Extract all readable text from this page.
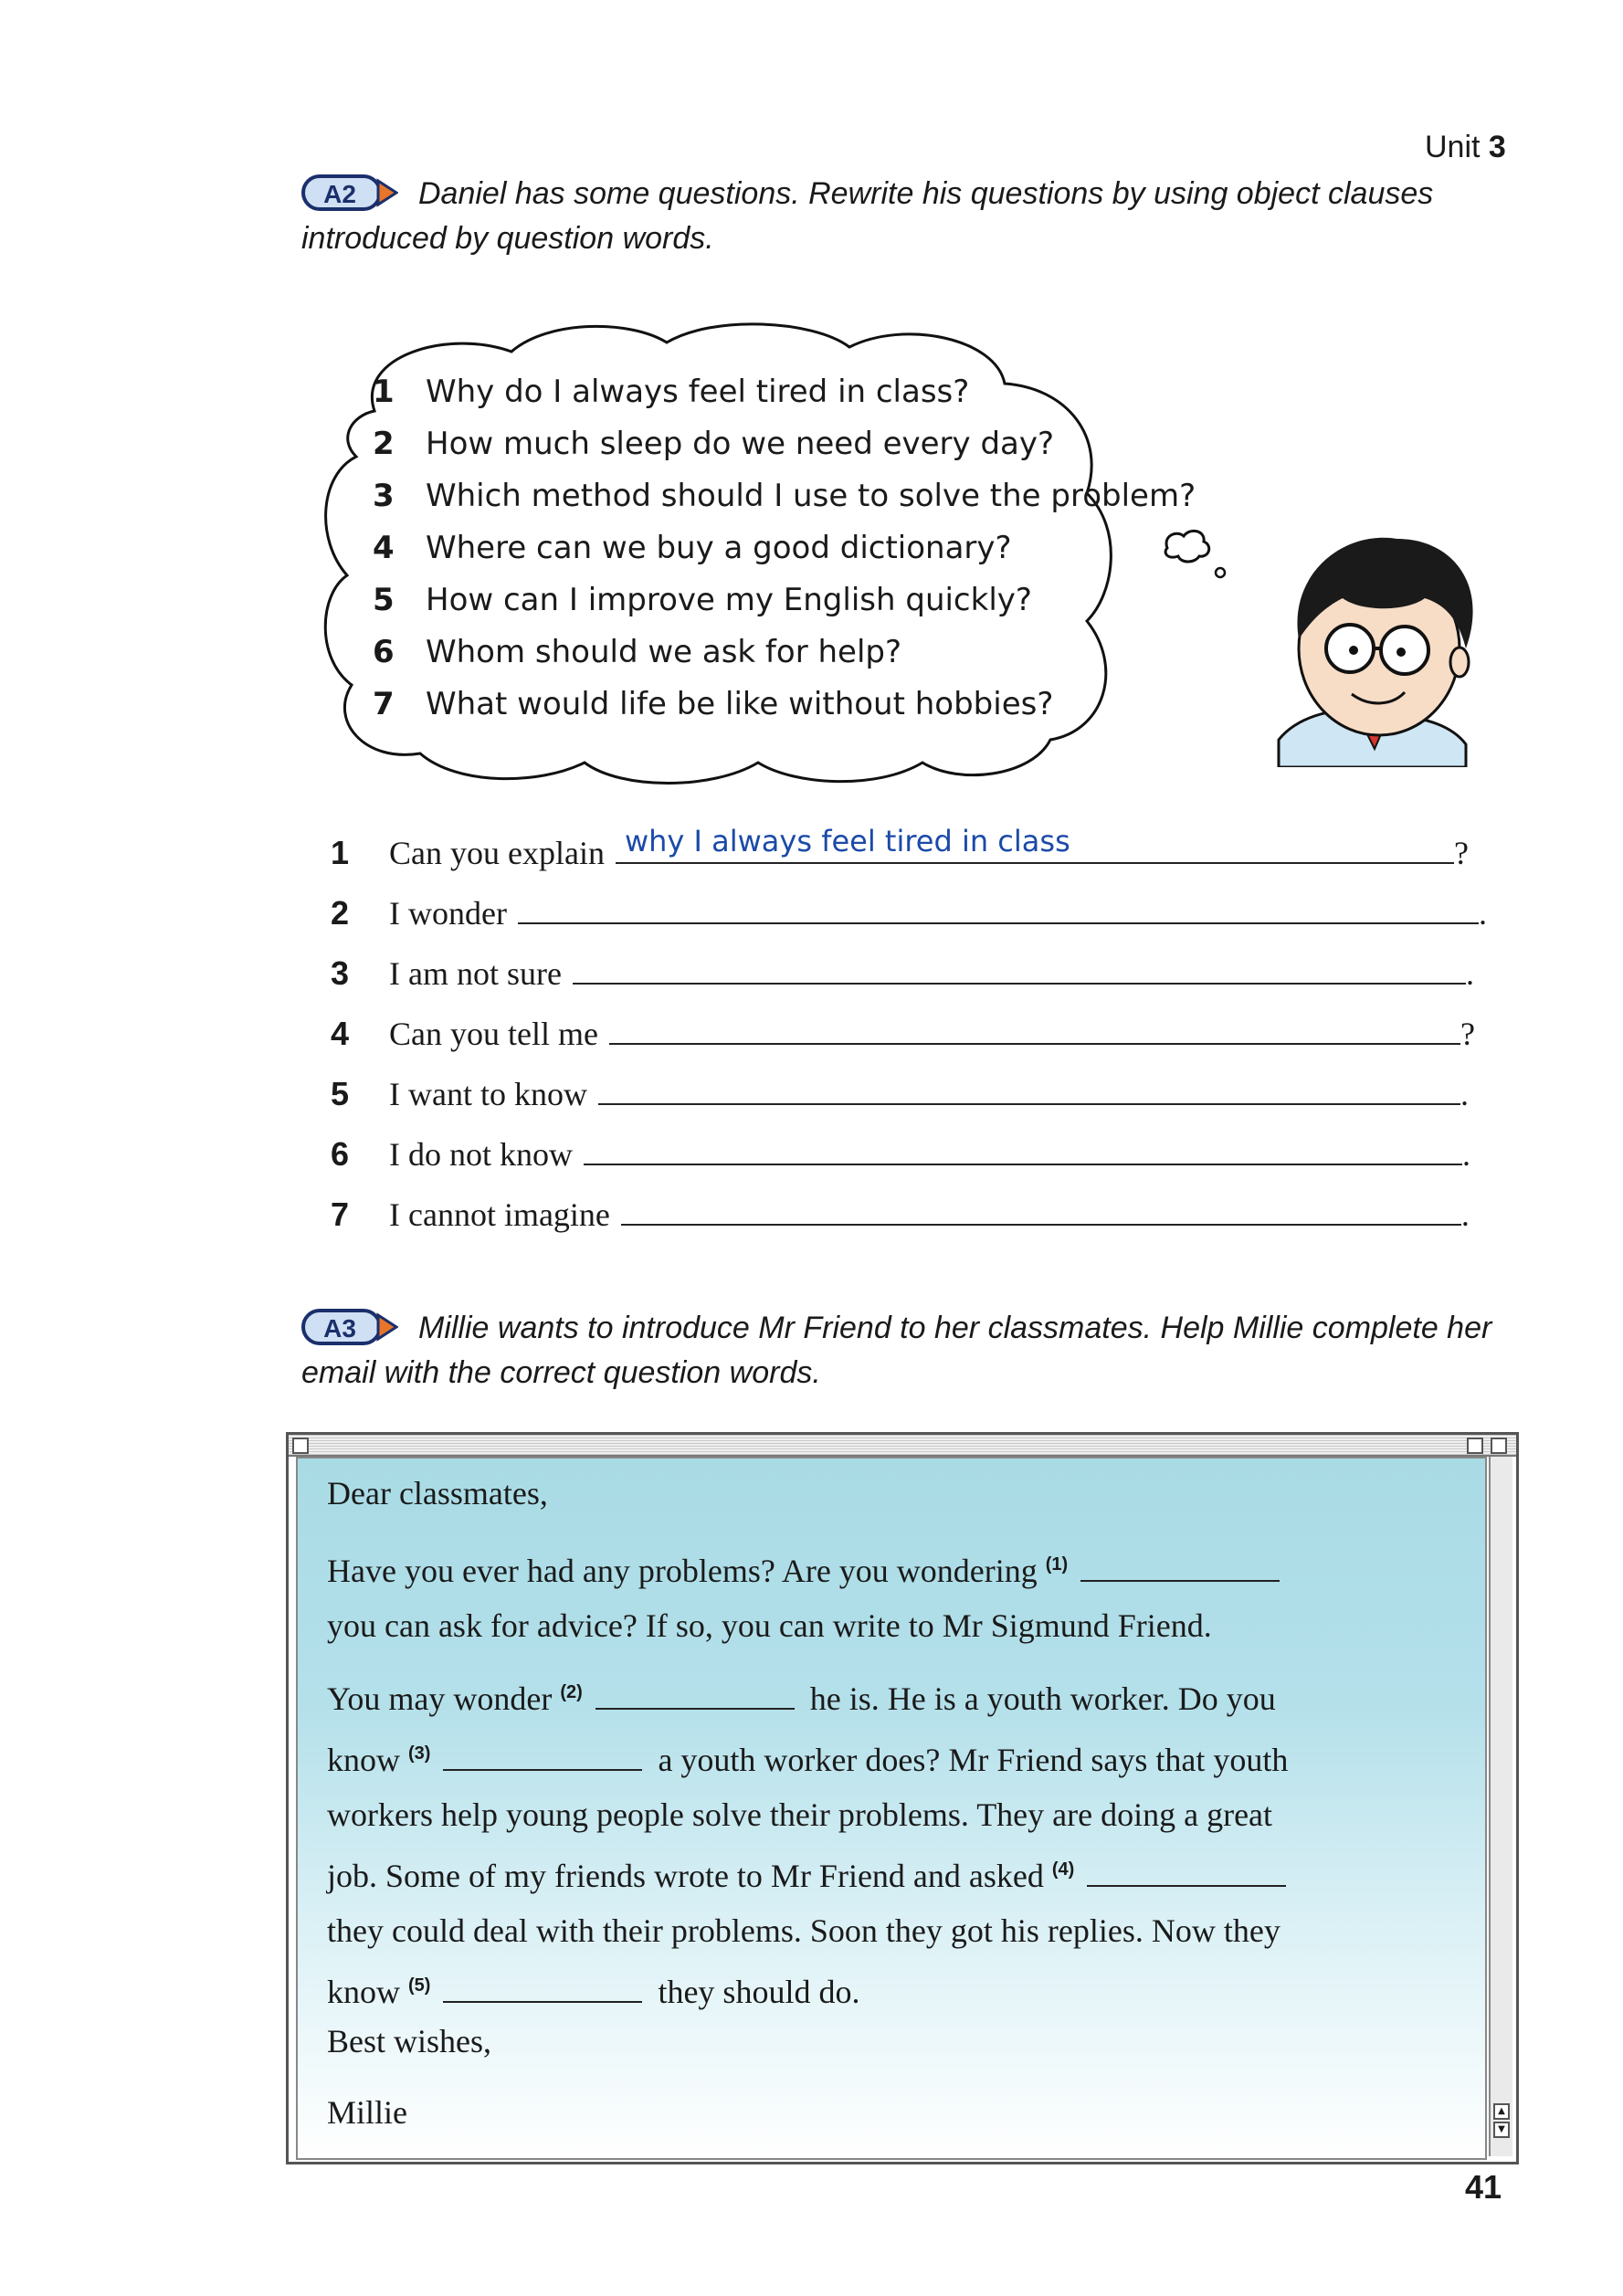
Unit 3
A2	Daniel has some questions. Rewrite his questions by using object clauses introduced by question words.
1	Why do I always feel tired in class?
2	How much sleep do we need every day?
3	Which method should I use to solve the problem?
4	Where can we buy a good dictionary?
5	How can I improve my English quickly?
6	Whom should we ask for help?
7	What would life be like without hobbies?
1	Can you explain why I always feel tired in class	?
2	I wonder	.
3	I am not sure	.
4	Can you tell me	?
5	I want to know	.
6	I do not know	.
7	I cannot imagine	.
A3	Millie wants to introduce Mr Friend to her classmates. Help Millie complete her email with the correct question words.
Dear classmates,
Have you ever had any problems? Are you wondering $^{(1)}$
you can ask for advice? If so, you can write to Mr Sigmund Friend.
You may wonder $^{(2)}$	he is. He is a youth worker. Do you
know $^{(3)}$	a youth worker does? Mr Friend says that youth
workers help young people solve their problems. They are doing a great
job. Some of my friends wrote to Mr Friend and asked $^{(4)}$
they could deal with their problems. Soon they got his replies. Now they
know $^{(5)}$	they should do.
Best wishes,
Millie	▲
▼
41
